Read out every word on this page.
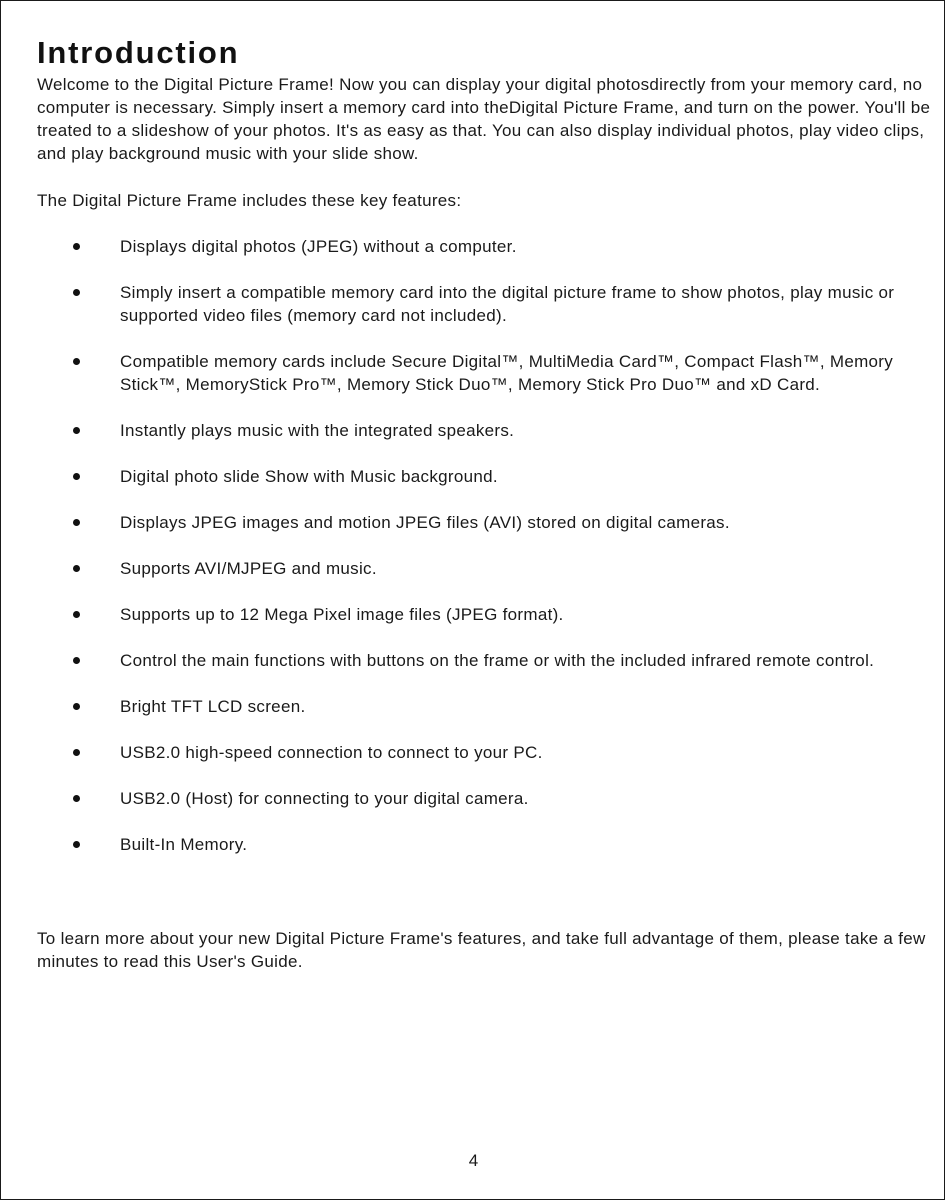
Introduction

Welcome to the Digital Picture Frame! Now you can display your digital photosdirectly from your memory card, no computer is necessary. Simply insert a memory card into theDigital Picture Frame, and turn on the power. You'll be treated to a slideshow of your photos. It's as easy as that. You can also display individual photos, play video clips, and play background music with your slide show.

The Digital Picture Frame includes these key features:

Displays digital photos (JPEG) without a computer.
Simply insert a compatible memory card into the digital picture frame to show photos, play music or supported video files (memory card not included).
Compatible memory cards include Secure Digital™, MultiMedia Card™, Compact Flash™, Memory Stick™, MemoryStick Pro™, Memory Stick Duo™, Memory Stick Pro Duo™ and xD Card.
Instantly plays music with the integrated speakers.
Digital photo slide Show with Music background.
Displays JPEG images and motion JPEG files (AVI) stored on digital cameras.
Supports AVI/MJPEG and music.
Supports up to 12 Mega Pixel image files (JPEG format).
Control the main functions with buttons on the frame or with the included infrared remote control.
Bright TFT LCD screen.
USB2.0 high-speed connection to connect to your PC.
USB2.0 (Host) for connecting to your digital camera.
Built-In Memory.

To learn more about your new Digital Picture Frame's features, and take full advantage of them, please take a few minutes to read this User's Guide.

4
